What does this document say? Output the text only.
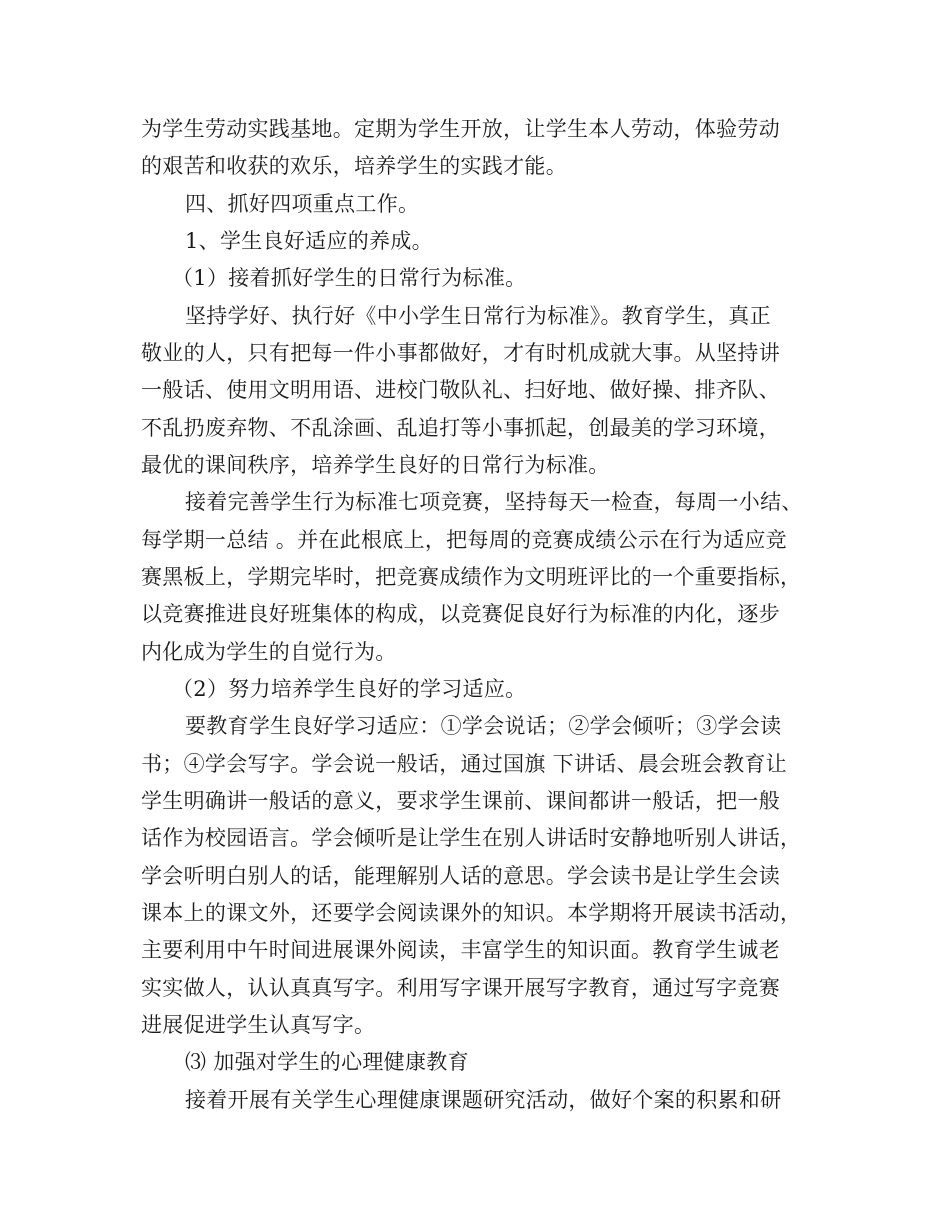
为学生劳动实践基地。定期为学生开放，让学生本人劳动，体验劳动
的艰苦和收获的欢乐，培养学生的实践才能。
四、抓好四项重点工作。
1、学生良好适应的养成。
（1）接着抓好学生的日常行为标准。
坚持学好、执行好《中小学生日常行为标准》。教育学生，真正
敬业的人，只有把每一件小事都做好，才有时机成就大事。从坚持讲
一般话、使用文明用语、进校门敬队礼、扫好地、做好操、排齐队、
不乱扔废弃物、不乱涂画、乱追打等小事抓起，创最美的学习环境，
最优的课间秩序，培养学生良好的日常行为标准。
接着完善学生行为标准七项竞赛，坚持每天一检查，每周一小结、
每学期一总结 。并在此根底上，把每周的竞赛成绩公示在行为适应竞
赛黑板上，学期完毕时，把竞赛成绩作为文明班评比的一个重要指标，
以竞赛推进良好班集体的构成，以竞赛促良好行为标准的内化，逐步
内化成为学生的自觉行为。
（2）努力培养学生良好的学习适应。
要教育学生良好学习适应：①学会说话；②学会倾听；③学会读
书；④学会写字。学会说一般话，通过国旗 下讲话、晨会班会教育让
学生明确讲一般话的意义，要求学生课前、课间都讲一般话，把一般
话作为校园语言。学会倾听是让学生在别人讲话时安静地听别人讲话，
学会听明白别人的话，能理解别人话的意思。学会读书是让学生会读
课本上的课文外，还要学会阅读课外的知识。本学期将开展读书活动，
主要利用中午时间进展课外阅读，丰富学生的知识面。教育学生诚老
实实做人，认认真真写字。利用写字课开展写字教育，通过写字竞赛
进展促进学生认真写字。
⑶ 加强对学生的心理健康教育
接着开展有关学生心理健康课题研究活动，做好个案的积累和研
